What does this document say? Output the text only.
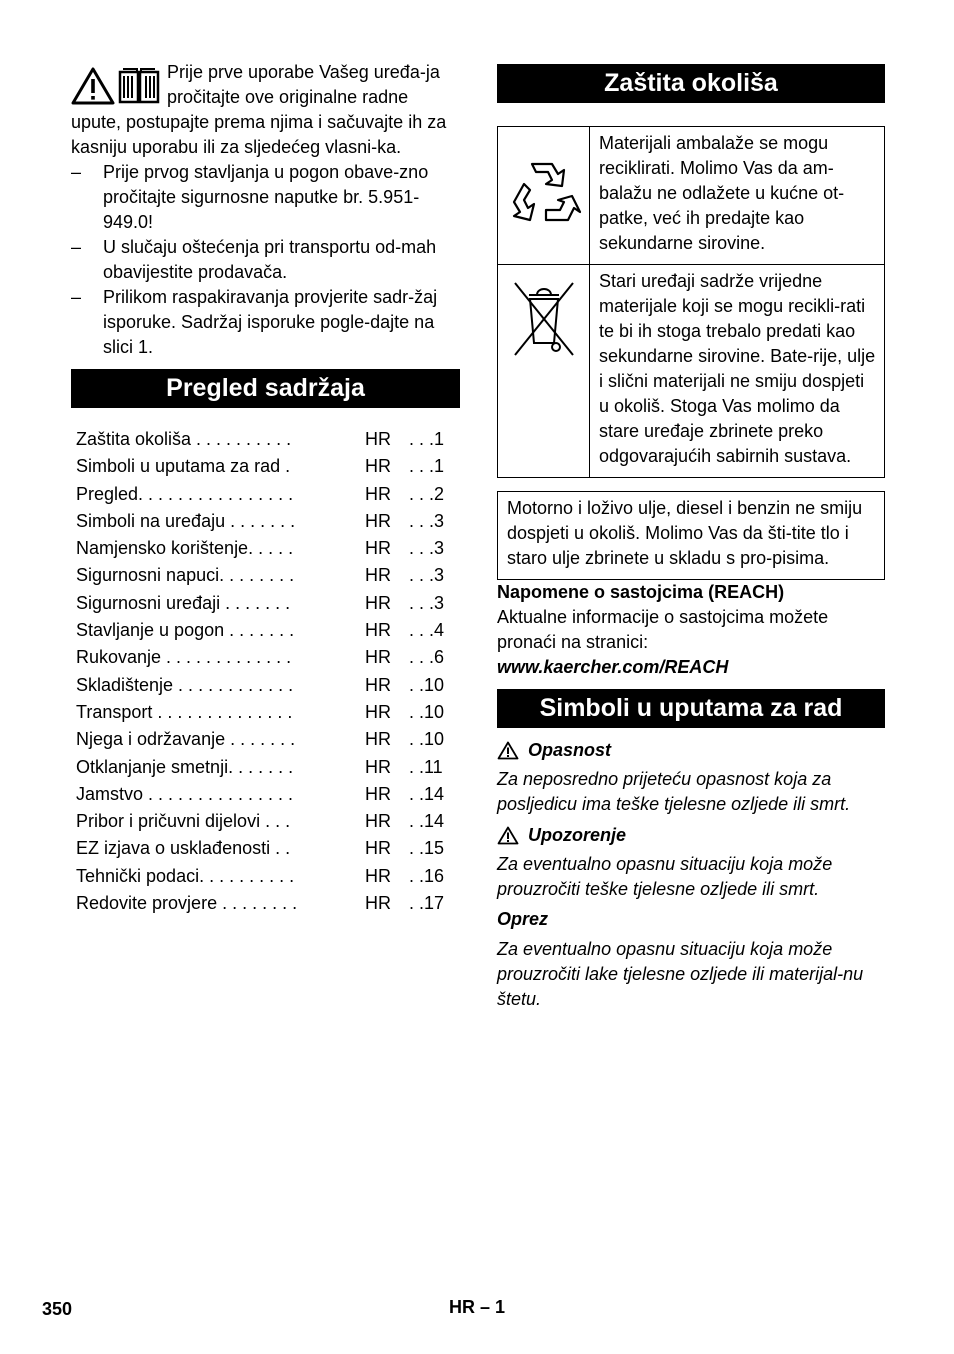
Prije prve uporabe Vašeg uređa-ja pročitajte ove originalne radne upute, postupajte prema njima i sačuvajte ih za kasniju uporabu ili za sljedećeg vlasni-ka.

– Prije prvog stavljanja u pogon obave-zno pročitajte sigurnosne naputke br. 5.951-949.0!
– U slučaju oštećenja pri transportu od-mah obavijestite prodavača.
– Prilikom raspakiravanja provjerite sadr-žaj isporuke. Sadržaj isporuke pogle-dajte na slici 1.
Pregled sadržaja
Zaštita okoliša . . . . . . . . . .	HR . . .1
Simboli u uputama za rad .	HR . . .1
Pregled. . . . . . . . . . . . . . . .	HR . . .2
Simboli na uređaju . . . . . . .	HR . . .3
Namjensko korištenje. . . . .	HR . . .3
Sigurnosni napuci. . . . . . . .	HR . . .3
Sigurnosni uređaji . . . . . . .	HR . . .3
Stavljanje u pogon . . . . . . .	HR . . .4
Rukovanje . . . . . . . . . . . . .	HR . . .6
Skladištenje . . . . . . . . . . . .	HR . .10
Transport . . . . . . . . . . . . . .	HR . .10
Njega i održavanje . . . . . . .	HR . .10
Otklanjanje smetnji. . . . . . .	HR . .11
Jamstvo . . . . . . . . . . . . . . .	HR . .14
Pribor i pričuvni dijelovi . . .	HR . .14
EZ izjava o usklađenosti . .	HR . .15
Tehnički podaci. . . . . . . . . .	HR . .16
Redovite provjere . . . . . . . .	HR . .17
Zaštita okoliša
	Materijali ambalaže se mogu reciklirati. Molimo Vas da am-balažu ne odlažete u kućne ot-patke, već ih predajte kao sekundarne sirovine.
	Stari uređaji sadrže vrijedne materijale koji se mogu recikli-rati te bi ih stoga trebalo predati kao sekundarne sirovine. Bate-rije, ulje i slični materijali ne smiju dospjeti u okoliš. Stoga Vas molimo da stare uređaje zbrinete preko odgovarajućih sabirnih sustava.
Motorno i loživo ulje, diesel i benzin ne smiju dospjeti u okoliš. Molimo Vas da šti-tite tlo i staro ulje zbrinete u skladu s pro-pisima.
Napomene o sastojcima (REACH)
Aktualne informacije o sastojcima možete pronaći na stranici:
www.kaercher.com/REACH
Simboli u uputama za rad
Opasnost
Za neposredno prijeteću opasnost koja za posljedicu ima teške tjelesne ozljede ili smrt.
Upozorenje
Za eventualno opasnu situaciju koja može prouzročiti teške tjelesne ozljede ili smrt.
Oprez
Za eventualno opasnu situaciju koja može prouzročiti lake tjelesne ozljede ili materijal-nu štetu.
350	HR – 1
